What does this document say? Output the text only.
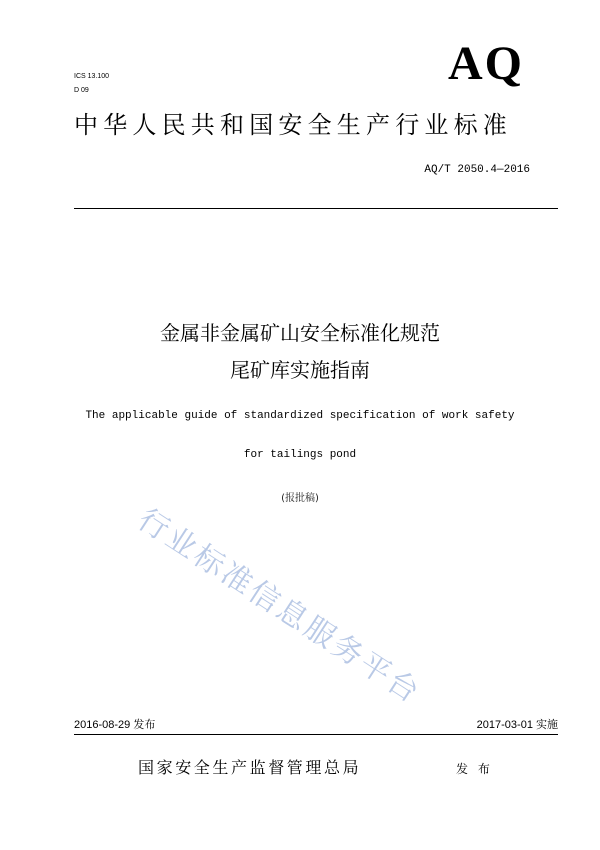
ICS 13.100
D 09
AQ
中华人民共和国安全生产行业标准
AQ/T 2050.4—2016
金属非金属矿山安全标准化规范
尾矿库实施指南
The applicable guide of standardized specification of work safety
for tailings pond
(报批稿)
行业标准信息服务平台
2016-08-29 发布	2017-03-01 实施
国家安全生产监督管理总局	发 布
